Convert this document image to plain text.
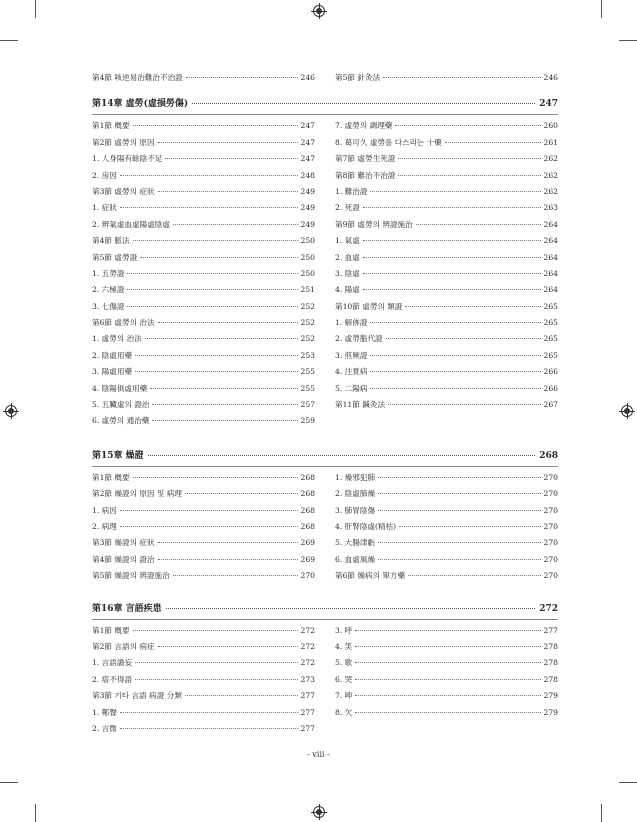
第4節 咳逆易治難治不治證	246	第5節 針灸法	246
第14章 虛勞(虛損勞傷)	247
第1節 槪要	247
第2節 虛勞의 原因	247
1. 人身陽有餘陰不足	247
2. 房因	248
第3節 虛勞의 症狀	249
1. 症狀	249
2. 辨氣虛血虛陽虛陰虛	249
第4節 脈法	250
第5節 虛勞證	250
1. 五勞證	250
2. 六極證	251
3. 七傷證	252
第6節 虛勞의 治法	252
1. 虛勞의 治法	252
2. 陰虛用藥	253
3. 陽虛用藥	255
4. 陰陽俱虛用藥	255
5. 五臟虛의 證治	257
6. 虛勞의 通治藥	259
7. 虛勞의 調理藥	260
8. 葛可久 虛勞를 다스리는 十藥	261
第7節 虛勞生死證	262
第8節 難治不治證	262
1. 難治證	262
2. 死證	263
第9節 虛勞의 辨證施治	264
1. 氣虛	264
2. 血虛	264
3. 陰虛	264
4. 陽虛	264
第10節 虛勞의 類證	265
1. 解㑊證	265
2. 虛勞脹代證	265
3. 煎厥證	265
4. 注夏病	266
5. 二陽病	266
第11節 鍼灸法	267
第15章 燥證	268
第1節 槪要	268
第2節 燥證의 原因 및 病理	268
1. 病因	268
2. 病理	268
第3節 燥證의 症狀	269
第4節 燥證의 證治	269
第5節 燥證의 辨證施治	270
1. 燥邪犯肺	270
2. 陰虛肺燥	270
3. 肺胃陰傷	270
4. 肝腎陰虛(精枯)	270
5. 大腸津虧	270
6. 血虛風燥	270
第6節 燥病의 單方藥	270
第16章 言語疾患	272
第1節 槪要	272
第2節 言語의 病症	272
1. 言語譫妄	272
2. 瘖不得語	273
第3節 기타 言語 病證 分類	277
1. 鄭聲	277
2. 言微	277
3. 呼	277
4. 笑	278
5. 歌	278
6. 哭	278
7. 呻	279
8. 欠	279
- viii -
